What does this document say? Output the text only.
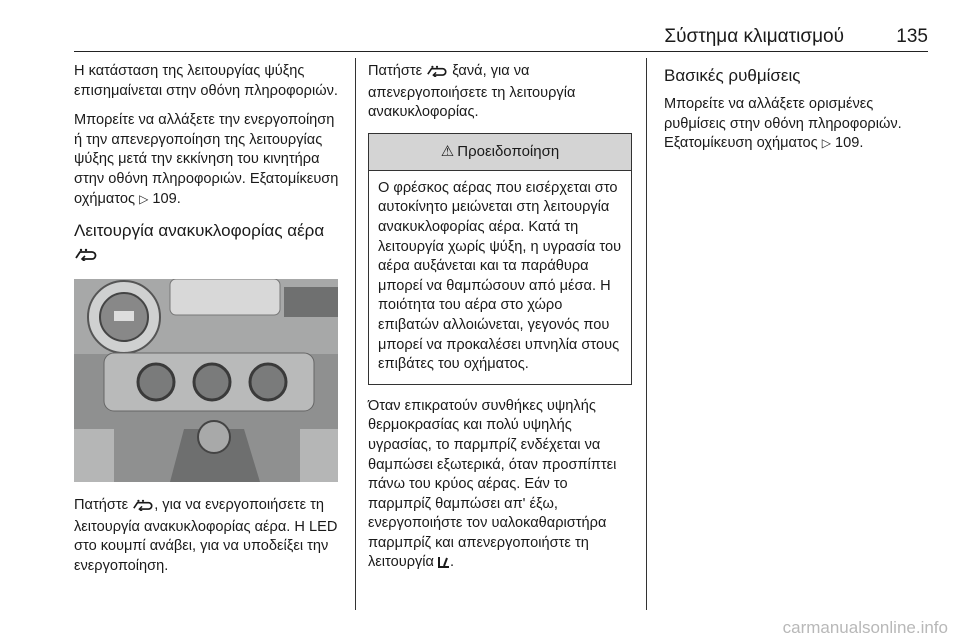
Σύστημα κλιματισμού	135

Η κατάσταση της λειτουργίας ψύξης επισημαίνεται στην οθόνη πληροφοριών.

Μπορείτε να αλλάξετε την ενεργοποίηση ή την απενεργοποίηση της λειτουργίας ψύξης μετά την εκκίνηση του κινητήρα στην οθόνη πληροφοριών. Εξατομίκευση οχήματος ▷ 109.

Λειτουργία ανακυκλοφορίας αέρα

Πατήστε , για να ενεργοποιήσετε τη λειτουργία ανακυκλοφορίας αέρα. Η LED στο κουμπί ανάβει, για να υποδείξει την ενεργοποίηση.

Πατήστε ξανά, για να απενεργοποιήσετε τη λειτουργία ανακυκλοφορίας.

⚠ Προειδοποίηση
Ο φρέσκος αέρας που εισέρχεται στο αυτοκίνητο μειώνεται στη λειτουργία ανακυκλοφορίας αέρα. Κατά τη λειτουργία χωρίς ψύξη, η υγρασία του αέρα αυξάνεται και τα παράθυρα μπορεί να θαμπώσουν από μέσα. Η ποιότητα του αέρα στο χώρο επιβατών αλλοιώνεται, γεγονός που μπορεί να προκαλέσει υπνηλία στους επιβάτες του οχήματος.

Όταν επικρατούν συνθήκες υψηλής θερμοκρασίας και πολύ υψηλής υγρασίας, το παρμπρίζ ενδέχεται να θαμπώσει εξωτερικά, όταν προσπίπτει πάνω του κρύος αέρας. Εάν το παρμπρίζ θαμπώσει απ' έξω, ενεργοποιήστε τον υαλοκαθαριστήρα παρμπρίζ και απενεργοποιήστε τη λειτουργία .

Βασικές ρυθμίσεις

Μπορείτε να αλλάξετε ορισμένες ρυθμίσεις στην οθόνη πληροφοριών. Εξατομίκευση οχήματος ▷ 109.

carmanualsonline.info
